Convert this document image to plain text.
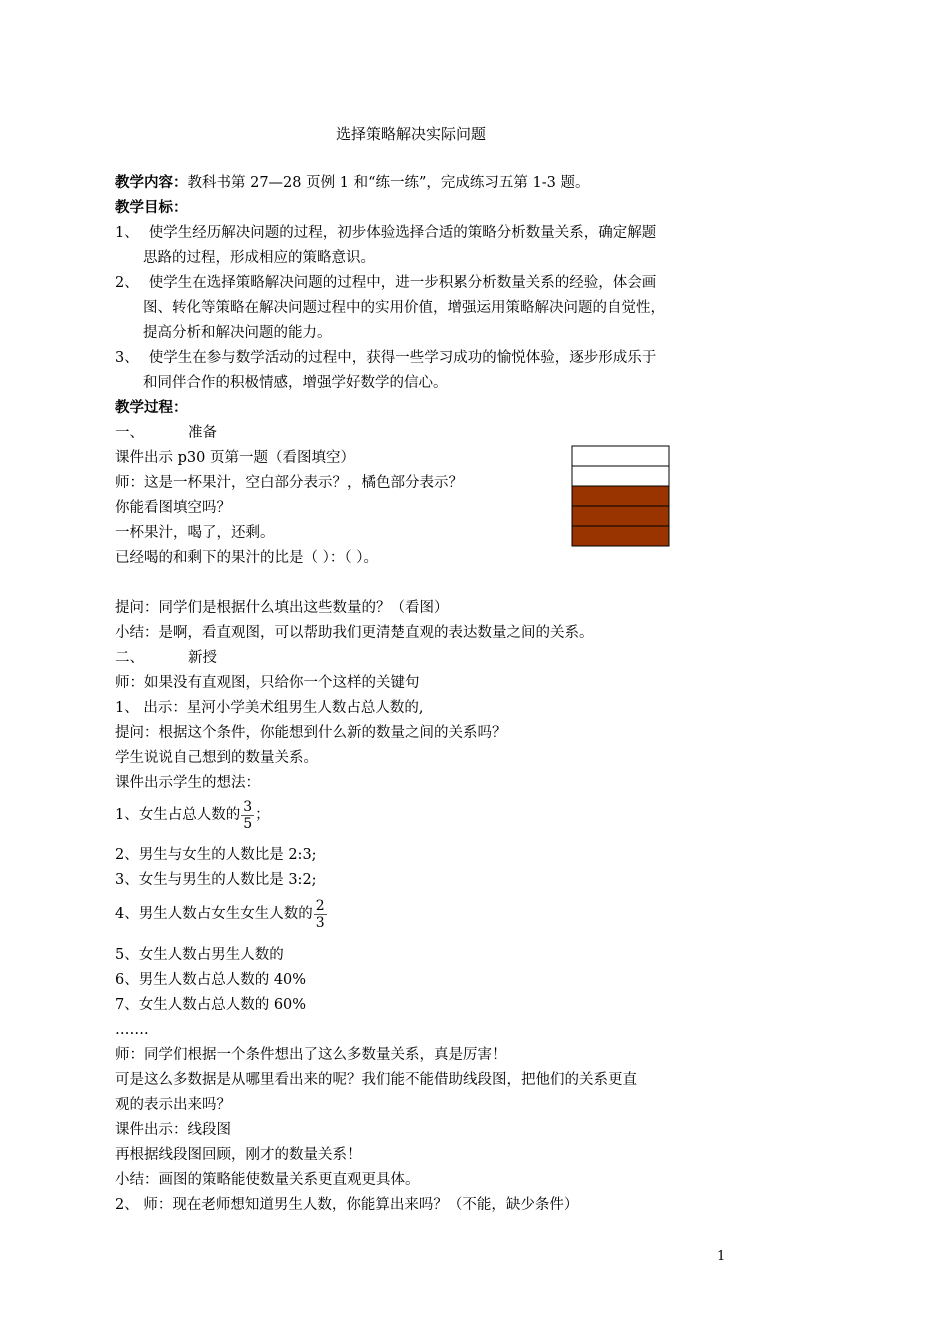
选择策略解决实际问题
教学内容：教科书第 27—28 页例 1 和“练一练”，完成练习五第 1-3 题。
教学目标：
1、 使学生经历解决问题的过程，初步体验选择合适的策略分析数量关系，确定解题
思路的过程，形成相应的策略意识。
2、 使学生在选择策略解决问题的过程中，进一步积累分析数量关系的经验，体会画
图、转化等策略在解决问题过程中的实用价值，增强运用策略解决问题的自觉性，
提高分析和解决问题的能力。
3、 使学生在参与数学活动的过程中，获得一些学习成功的愉悦体验，逐步形成乐于
和同伴合作的积极情感，增强学好数学的信心。
教学过程：
一、	准备
课件出示 p30 页第一题（看图填空）
师：这是一杯果汁，空白部分表示？，橘色部分表示？
你能看图填空吗？
一杯果汁，喝了，还剩。
已经喝的和剩下的果汁的比是（ ）：（ ）。
提问：同学们是根据什么填出这些数量的？（看图）
小结：是啊，看直观图，可以帮助我们更清楚直观的表达数量之间的关系。
二、	新授
师：如果没有直观图，只给你一个这样的关键句
1、 出示：星河小学美术组男生人数占总人数的,
提问：根据这个条件，你能想到什么新的数量之间的关系吗？
学生说说自己想到的数量关系。
课件出示学生的想法：
1、女生占总人数的 $\frac{3}{5}$ ；
2、男生与女生的人数比是 2:3;
3、女生与男生的人数比是 3:2;
4、男生人数占女生女生人数的 $\frac{2}{3}$
5、女生人数占男生人数的
6、男生人数占总人数的 40%
7、女生人数占总人数的 60%
…….
师：同学们根据一个条件想出了这么多数量关系，真是厉害！
可是这么多数据是从哪里看出来的呢？我们能不能借助线段图，把他们的关系更直
观的表示出来吗？
课件出示：线段图
再根据线段图回顾，刚才的数量关系！
小结：画图的策略能使数量关系更直观更具体。
2、 师：现在老师想知道男生人数，你能算出来吗？（不能，缺少条件）
1
